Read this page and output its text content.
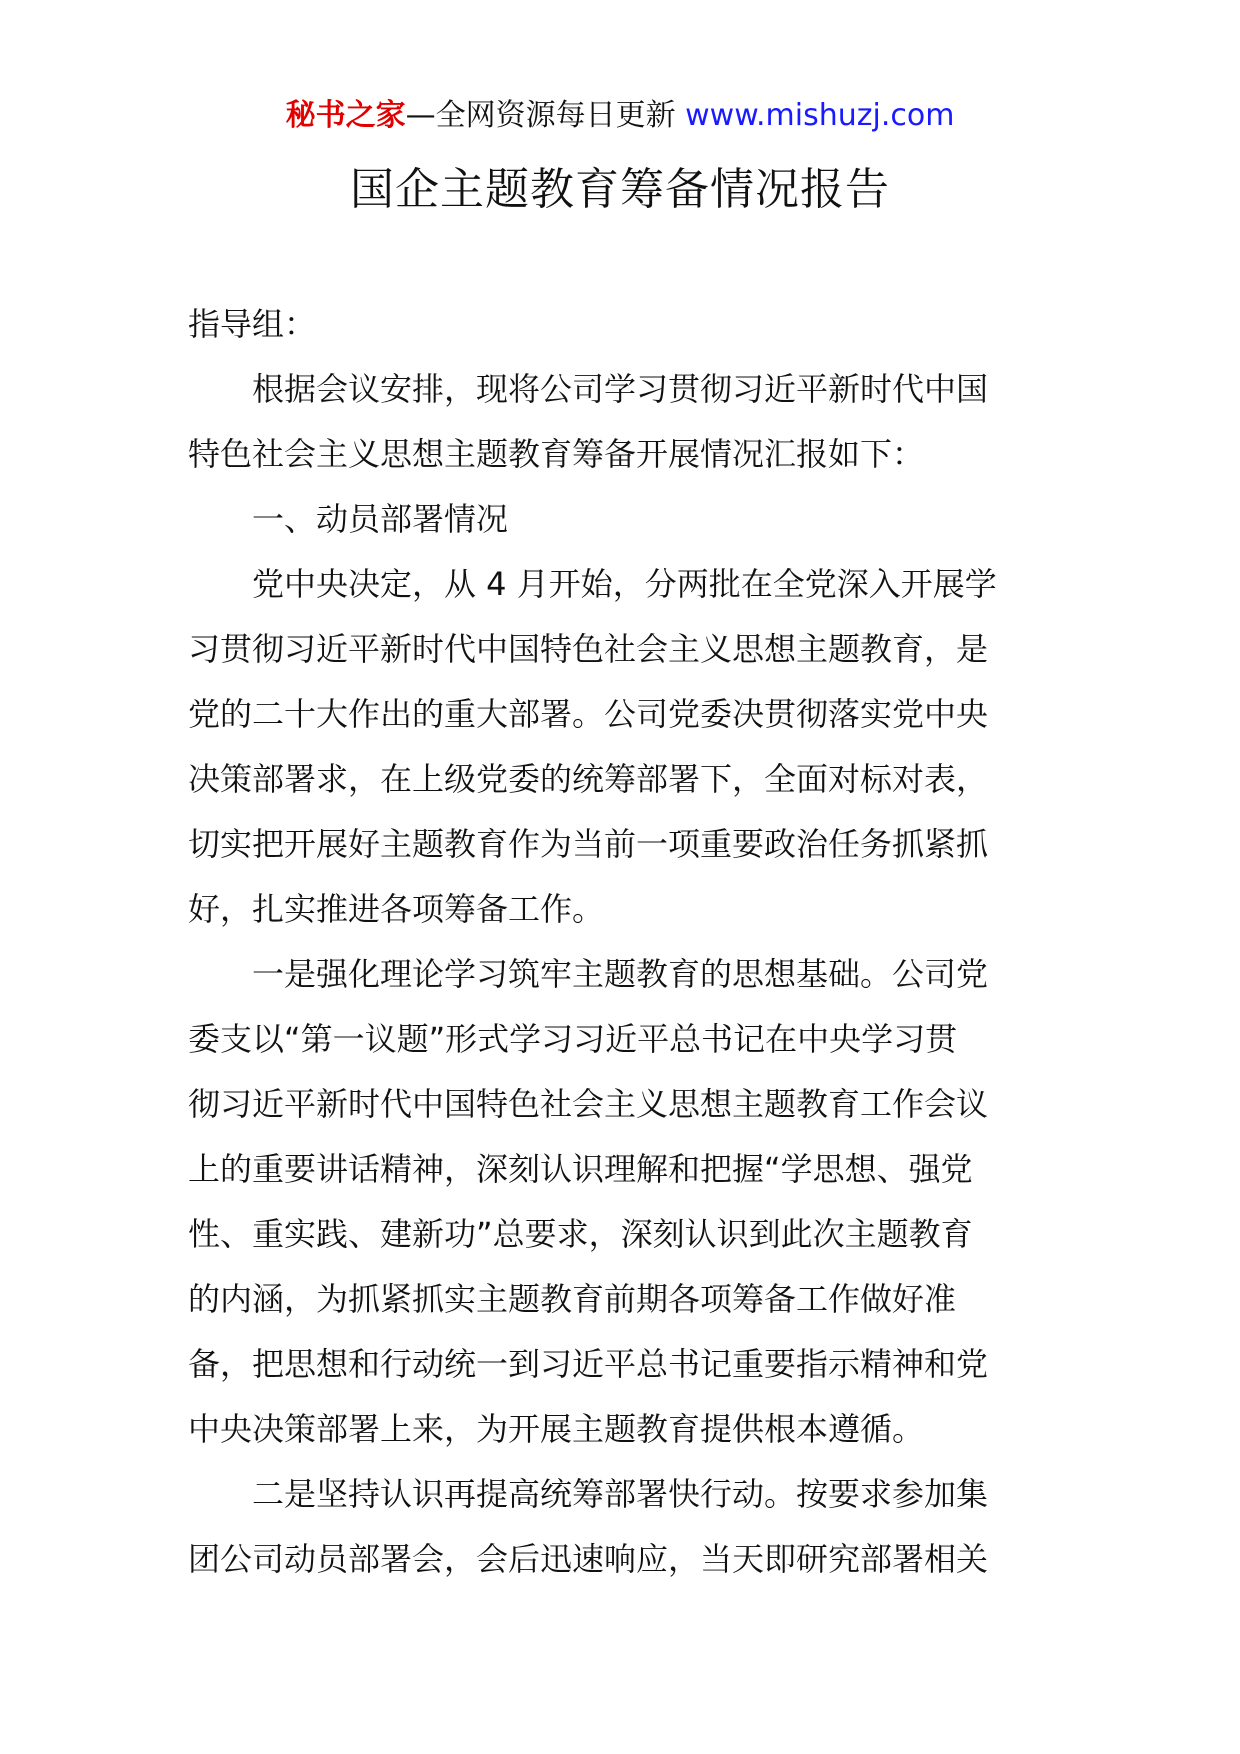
秘书之家—全网资源每日更新 www.mishuzj.com
国企主题教育筹备情况报告
指导组：
根据会议安排，现将公司学习贯彻习近平新时代中国
特色社会主义思想主题教育筹备开展情况汇报如下：
一、动员部署情况
党中央决定，从 4 月开始，分两批在全党深入开展学
习贯彻习近平新时代中国特色社会主义思想主题教育，是
党的二十大作出的重大部署。公司党委决贯彻落实党中央
决策部署求，在上级党委的统筹部署下，全面对标对表，
切实把开展好主题教育作为当前一项重要政治任务抓紧抓
好，扎实推进各项筹备工作。
一是强化理论学习筑牢主题教育的思想基础。公司党
委支以“第一议题”形式学习习近平总书记在中央学习贯
彻习近平新时代中国特色社会主义思想主题教育工作会议
上的重要讲话精神，深刻认识理解和把握“学思想、强党
性、重实践、建新功”总要求，深刻认识到此次主题教育
的内涵，为抓紧抓实主题教育前期各项筹备工作做好准
备，把思想和行动统一到习近平总书记重要指示精神和党
中央决策部署上来，为开展主题教育提供根本遵循。
二是坚持认识再提高统筹部署快行动。按要求参加集
团公司动员部署会，会后迅速响应，当天即研究部署相关
